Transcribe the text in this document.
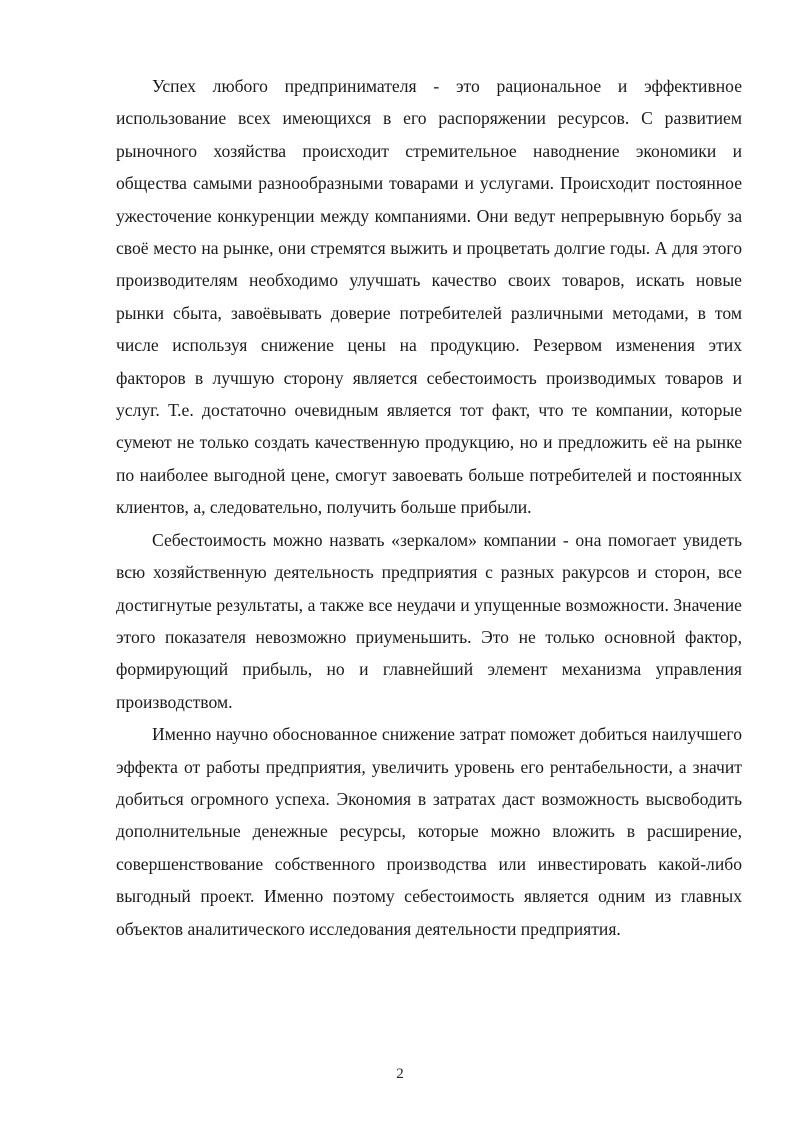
Успех любого предпринимателя - это рациональное и эффективное использование всех имеющихся в его распоряжении ресурсов. С развитием рыночного хозяйства происходит стремительное наводнение экономики и общества самыми разнообразными товарами и услугами. Происходит постоянное ужесточение конкуренции между компаниями. Они ведут непрерывную борьбу за своё место на рынке, они стремятся выжить и процветать долгие годы. А для этого производителям необходимо улучшать качество своих товаров, искать новые рынки сбыта, завоёвывать доверие потребителей различными методами, в том числе используя снижение цены на продукцию. Резервом изменения этих факторов в лучшую сторону является себестоимость производимых товаров и услуг. Т.е. достаточно очевидным является тот факт, что те компании, которые сумеют не только создать качественную продукцию, но и предложить её на рынке по наиболее выгодной цене, смогут завоевать больше потребителей и постоянных клиентов, а, следовательно, получить больше прибыли.

Себестоимость можно назвать «зеркалом» компании - она помогает увидеть всю хозяйственную деятельность предприятия с разных ракурсов и сторон, все достигнутые результаты, а также все неудачи и упущенные возможности. Значение этого показателя невозможно приуменьшить. Это не только основной фактор, формирующий прибыль, но и главнейший элемент механизма управления производством.

Именно научно обоснованное снижение затрат поможет добиться наилучшего эффекта от работы предприятия, увеличить уровень его рентабельности, а значит добиться огромного успеха. Экономия в затратах даст возможность высвободить дополнительные денежные ресурсы, которые можно вложить в расширение, совершенствование собственного производства или инвестировать какой-либо выгодный проект. Именно поэтому себестоимость является одним из главных объектов аналитического исследования деятельности предприятия.

2
